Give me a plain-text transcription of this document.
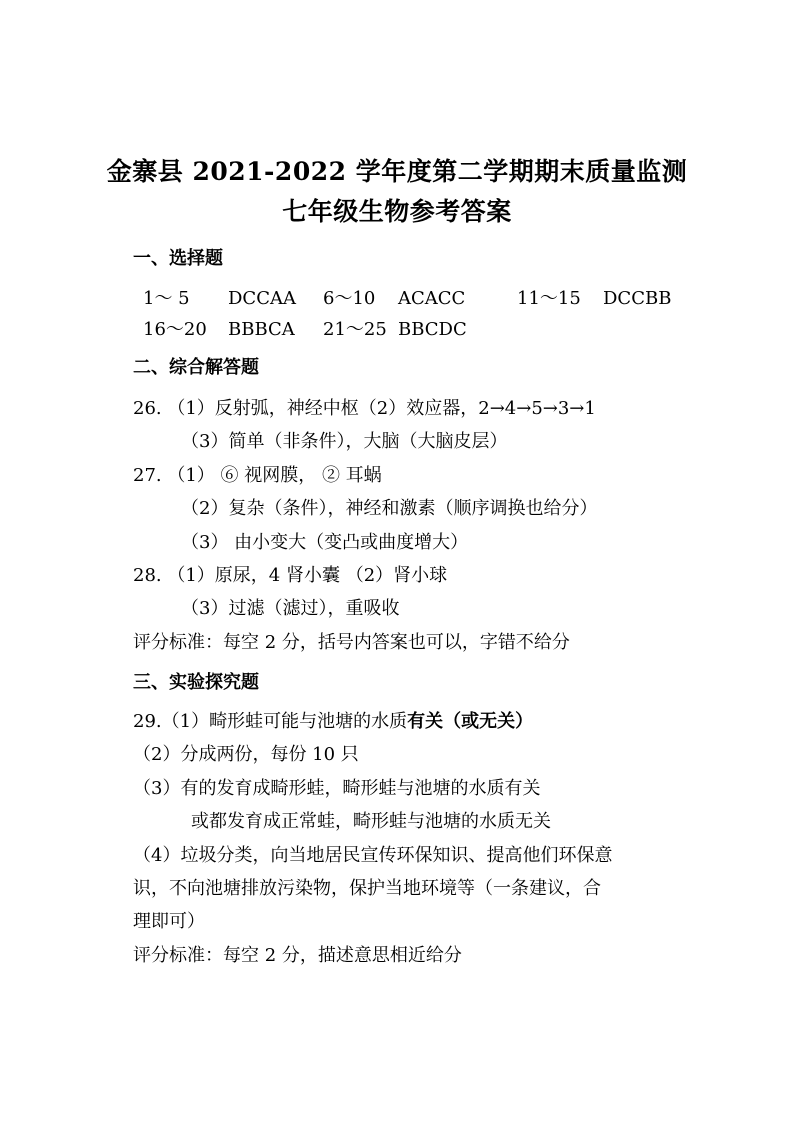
金寨县 2021-2022 学年度第二学期期末质量监测
七年级生物参考答案
一、选择题
1～ 5 DCCAA 6～10 ACACC	11～15 DCCBB
16～20 BBBCA 21～25 BBCDC
二、综合解答题
26. （1）反射弧，神经中枢（2）效应器，2→4→5→3→1
（3）简单（非条件），大脑（大脑皮层）
27. （1） ⑥ 视网膜， ② 耳蜗
（2）复杂（条件），神经和激素（顺序调换也给分）
（3） 由小变大（变凸或曲度增大）
28. （1）原尿，4 肾小囊 （2）肾小球
（3）过滤（滤过），重吸收
评分标准：每空 2 分，括号内答案也可以，字错不给分
三、实验探究题
29.（1）畸形蛙可能与池塘的水质有关（或无关）
（2）分成两份，每份 10 只
（3）有的发育成畸形蛙，畸形蛙与池塘的水质有关
或都发育成正常蛙，畸形蛙与池塘的水质无关
（4）垃圾分类，向当地居民宣传环保知识、提高他们环保意
识，不向池塘排放污染物，保护当地环境等（一条建议，合
理即可）
评分标准：每空 2 分，描述意思相近给分
